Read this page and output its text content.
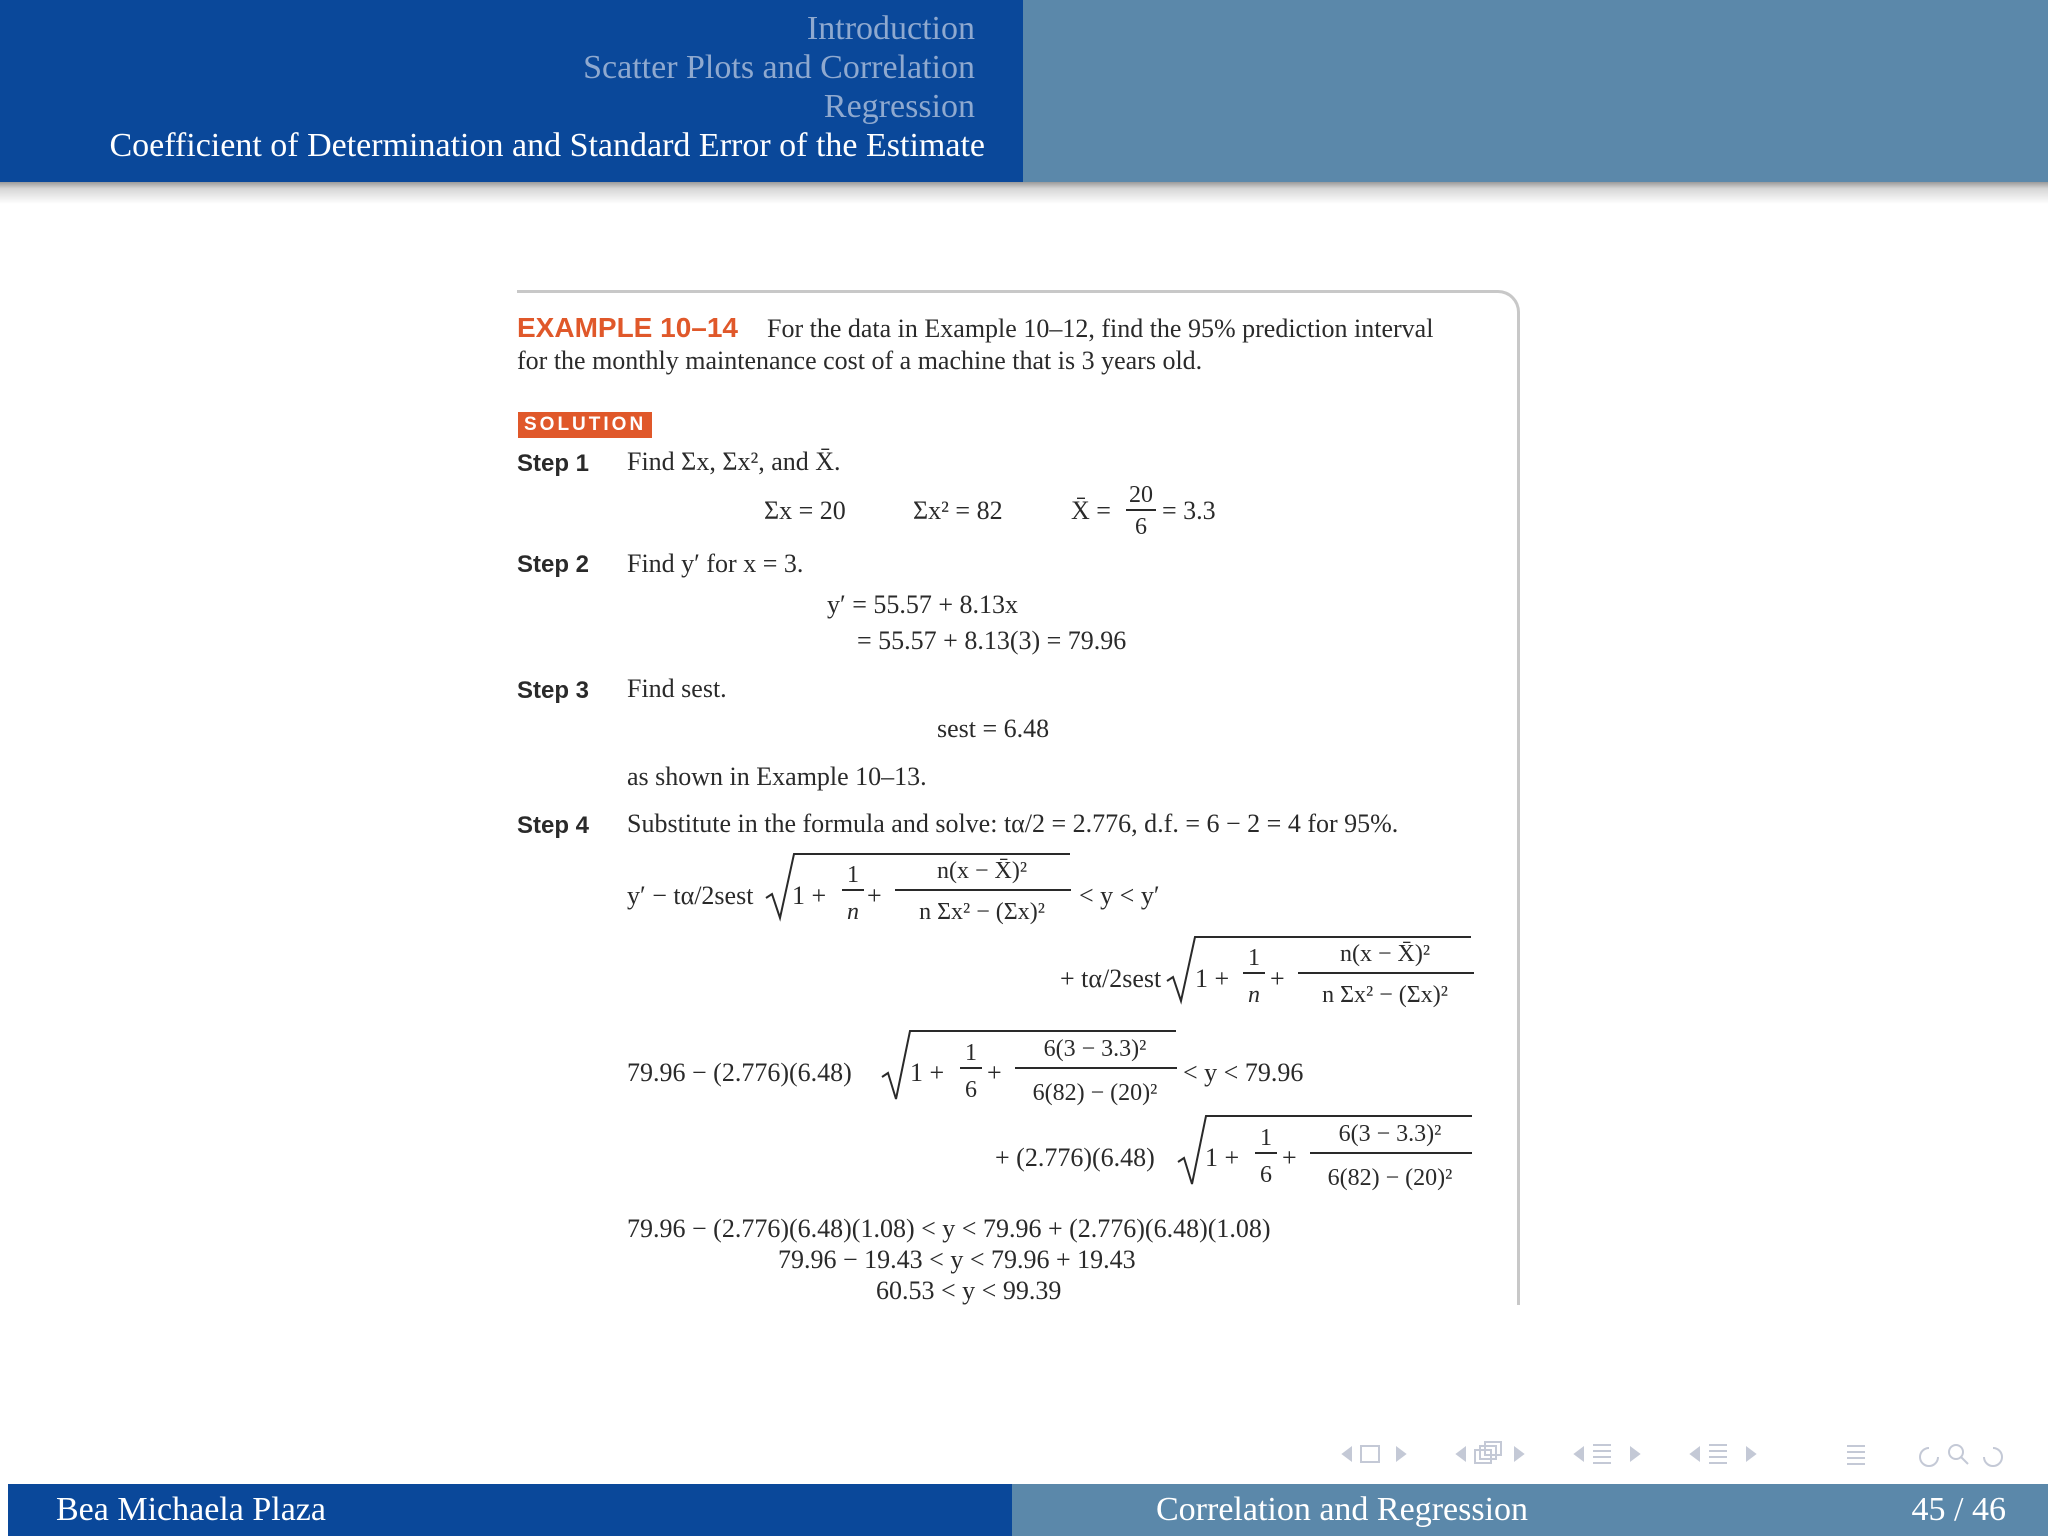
Introduction
Scatter Plots and Correlation
Regression
Coefficient of Determination and Standard Error of the Estimate
EXAMPLE 10–14 For the data in Example 10–12, find the 95% prediction interval
for the monthly maintenance cost of a machine that is 3 years old.
SOLUTION
Step 1 Find Σx, Σx², and X̄.
Σx = 20	Σx² = 82	X̄ =
20
6
= 3.3
Step 2 Find y′ for x = 3.
y′ = 55.57 + 8.13x
= 55.57 + 8.13(3) = 79.96
Step 3 Find sest.
sest = 6.48
as shown in Example 10–13.
Step 4 Substitute in the formula and solve: tα/2 = 2.776, d.f. = 6 − 2 = 4 for 95%.
y′ − tα/2sest 1 +
1
n
+
n(x − X̄)²
n Σx² − (Σx)²
< y < y′
+ tα/2sest 1 +
1
n
+
n(x − X̄)²
n Σx² − (Σx)²
79.96 − (2.776)(6.48) 1 +
1
6
+
6(3 − 3.3)²
6(82) − (20)²
< y < 79.96
+ (2.776)(6.48) 1 +
1
6
+
6(3 − 3.3)²
6(82) − (20)²
79.96 − (2.776)(6.48)(1.08) < y < 79.96 + (2.776)(6.48)(1.08)
79.96 − 19.43 < y < 79.96 + 19.43
60.53 < y < 99.39
Bea Michaela Plaza	Correlation and Regression	45 / 46
